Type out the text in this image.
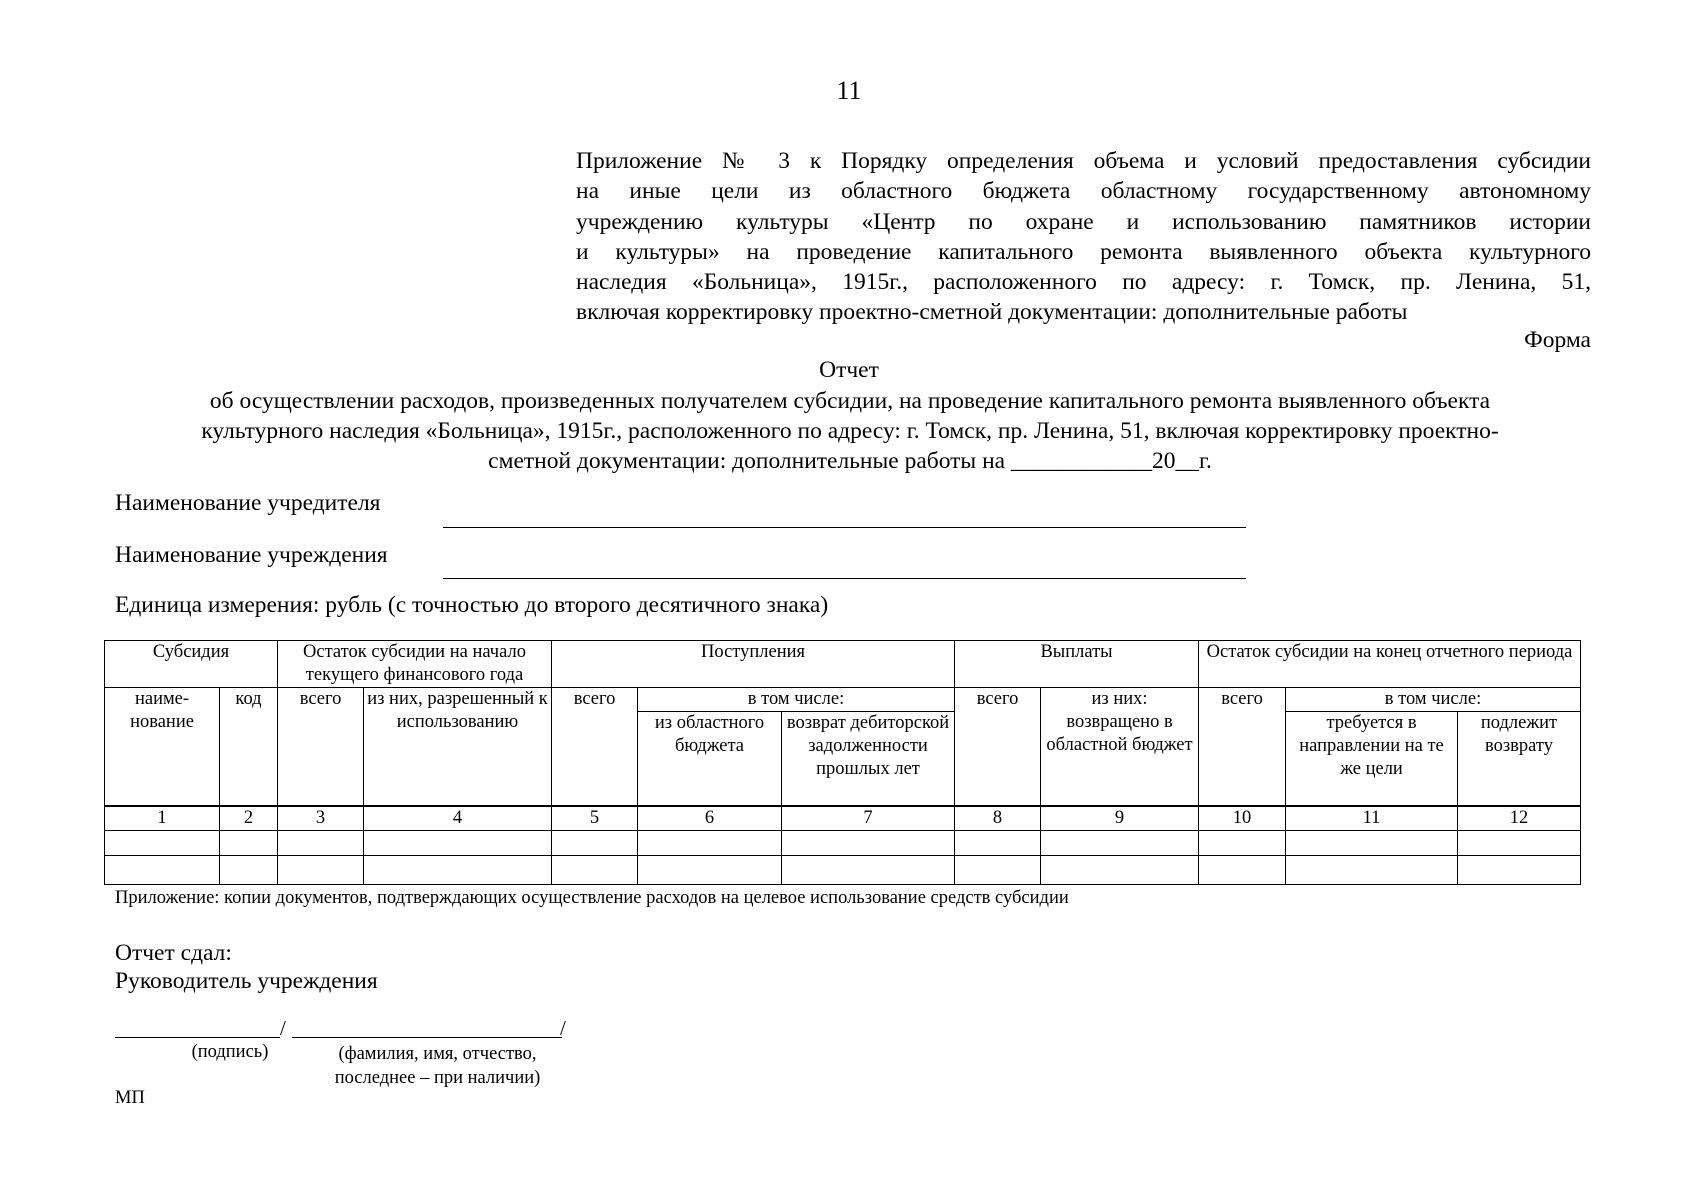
11
Приложение № 3 к Порядку определения объема и условий предоставления субсидии
на иные цели из областного бюджета областному государственному автономному
учреждению культуры «Центр по охране и использованию памятников истории
и культуры» на проведение капитального ремонта выявленного объекта культурного
наследия «Больница», 1915г., расположенного по адресу: г. Томск, пр. Ленина, 51,
включая корректировку проектно-сметной документации: дополнительные работы
Форма
Отчет
об осуществлении расходов, произведенных получателем субсидии, на проведение капитального ремонта выявленного объекта
культурного наследия «Больница», 1915г., расположенного по адресу: г. Томск, пр. Ленина, 51, включая корректировку проектно-
сметной документации: дополнительные работы на ____________20__г.
Наименование учредителя
Наименование учреждения
Единица измерения: рубль (с точностью до второго десятичного знака)
Субсидия		Остаток субсидии на начало текущего финансового года		Поступления			Выплаты		Остаток субсидии на конец отчетного периода		
наиме-нование	код	всего	из них, разрешенный к использованию	всего	в том числе:		всего	из них: возвращено в областной бюджет	всего	в том числе:	
					из областного бюджета	возврат дебиторской задолженности прошлых лет				требуется в направлении на те же цели	подлежит возврату
1	2	3	4	5	6	7	8	9	10	11	12

Приложение: копии документов, подтверждающих осуществление расходов на целевое использование средств субсидии
Отчет сдал:
Руководитель учреждения
/	/
(подпись)	(фамилия, имя, отчество,
последнее – при наличии)
МП
